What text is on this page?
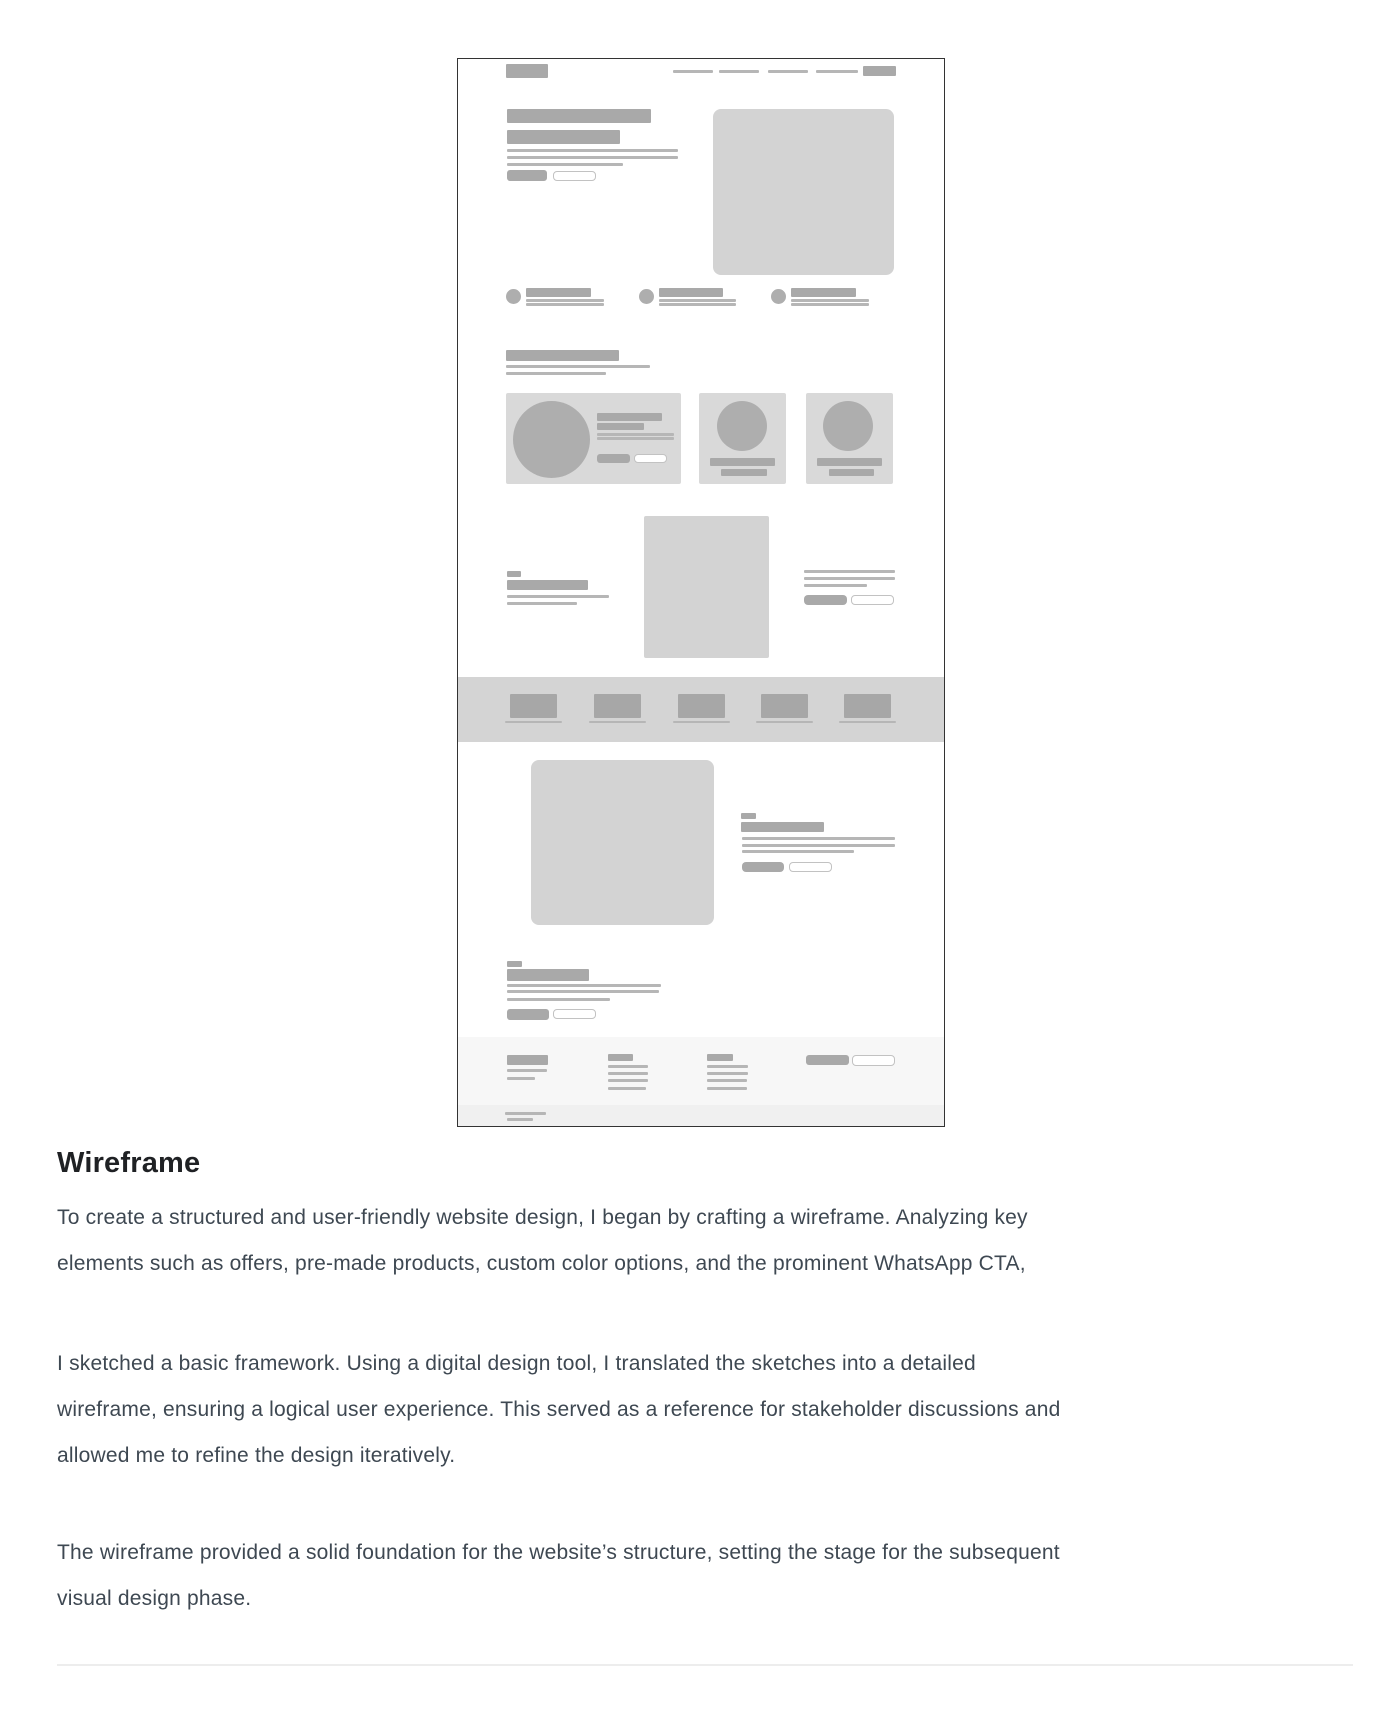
Wireframe
To create a structured and user-friendly website design, I began by crafting a wireframe. Analyzing key
elements such as offers, pre-made products, custom color options, and the prominent WhatsApp CTA,
I sketched a basic framework. Using a digital design tool, I translated the sketches into a detailed
wireframe, ensuring a logical user experience. This served as a reference for stakeholder discussions and
allowed me to refine the design iteratively.
The wireframe provided a solid foundation for the website’s structure, setting the stage for the subsequent
visual design phase.
